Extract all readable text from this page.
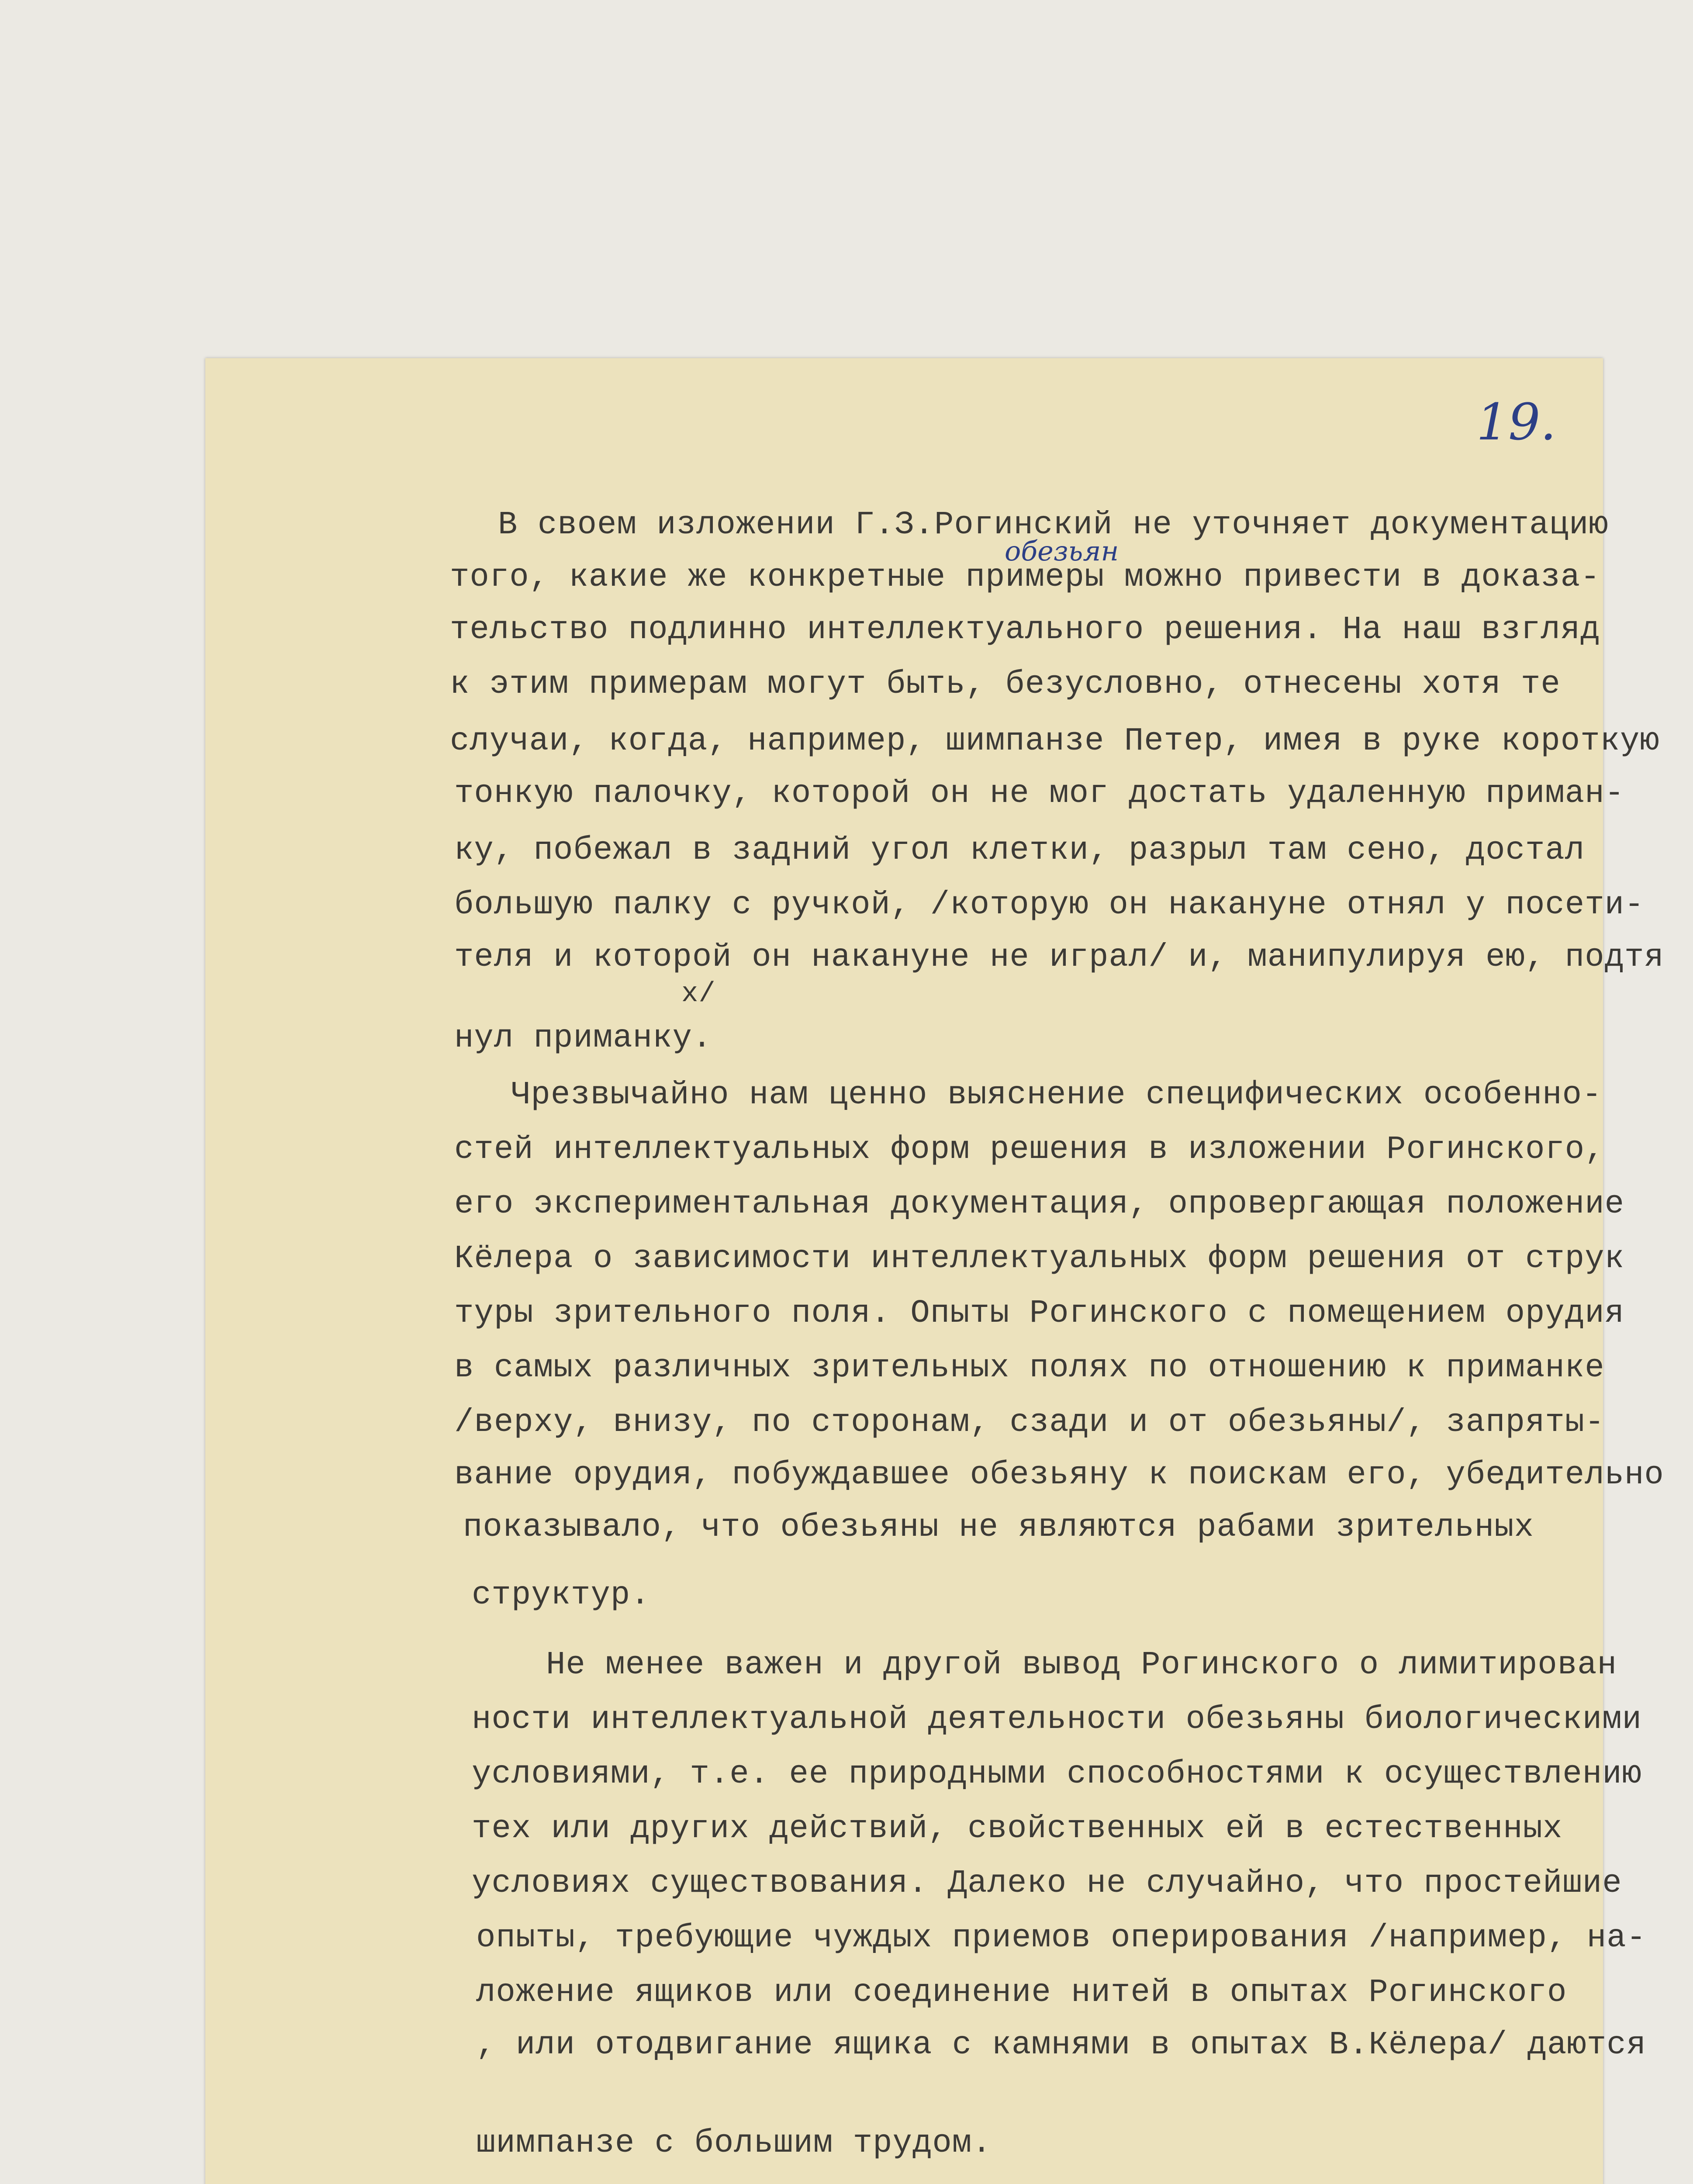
19.
обезьян
В своем изложении Г.З.Рогинский не уточняет документацию
того, какие же конкретные примеры можно привести в доказа-
тельство подлинно интеллектуального решения. На наш взгляд
к этим примерам могут быть, безусловно, отнесены хотя те
случаи, когда, например, шимпанзе Петер, имея в руке короткую
тонкую палочку, которой он не мог достать удаленную приман-
ку, побежал в задний угол клетки, разрыл там сено, достал
большую палку с ручкой, /которую он накануне отнял у посети-
теля и которой он накануне не играл/ и, манипулируя ею, подтя
x/
нул приманку.
Чрезвычайно нам ценно выяснение специфических особенно-
стей интеллектуальных форм решения в изложении Рогинского,
его экспериментальная документация, опровергающая положение
Кёлера о зависимости интеллектуальных форм решения от струк
туры зрительного поля. Опыты Рогинского с помещением орудия
в самых различных зрительных полях по отношению к приманке
/верху, внизу, по сторонам, сзади и от обезьяны/, запряты-
вание орудия, побуждавшее обезьяну к поискам его, убедительно
показывало, что обезьяны не являются рабами зрительных
структур.
Не менее важен и другой вывод Рогинского о лимитирован
ности интеллектуальной деятельности обезьяны биологическими
условиями, т.е. ее природными способностями к осуществлению
тех или других действий, свойственных ей в естественных
условиях существования. Далеко не случайно, что простейшие
опыты, требующие чуждых приемов оперирования /например, на-
ложение ящиков или соединение нитей в опытах Рогинского
, или отодвигание ящика с камнями в опытах В.Кёлера/ даются
шимпанзе с большим трудом.
